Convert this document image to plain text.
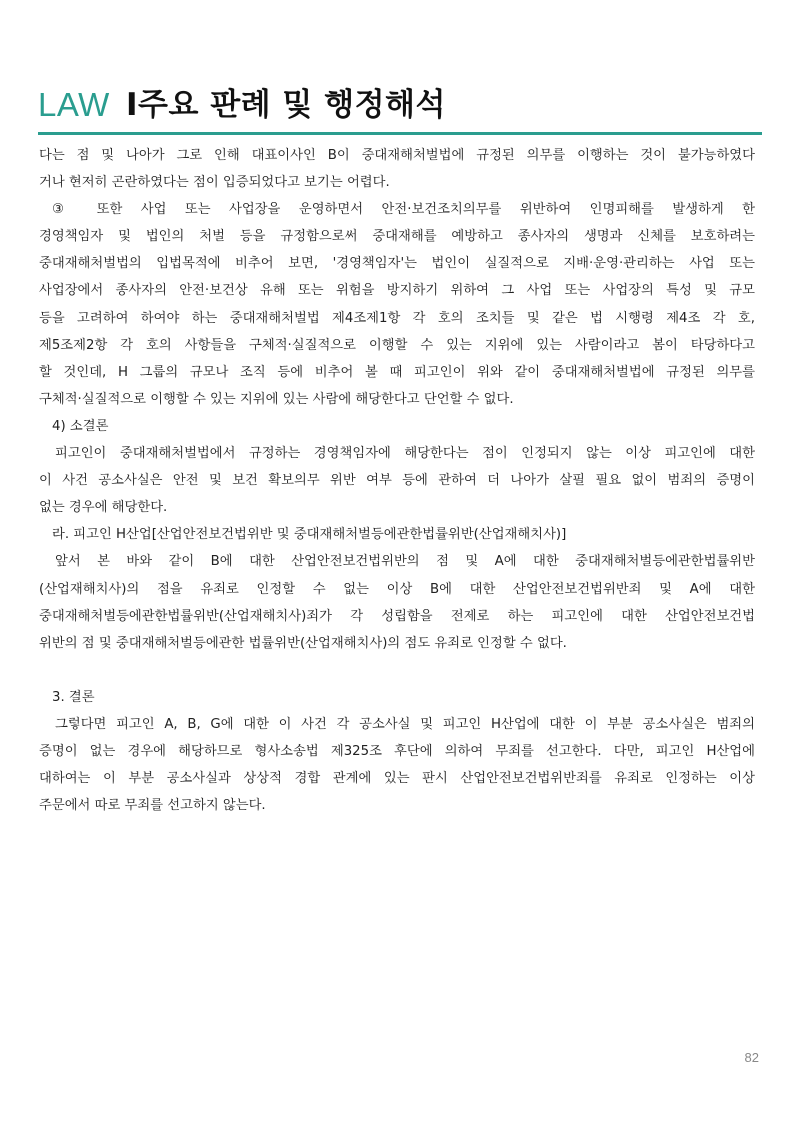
LAW Ⅰ주요 판례 및 행정해석
다는 점 및 나아가 그로 인해 대표이사인 B이 중대재해처벌법에 규정된 의무를 이행하는 것이 불가능하였다
거나 현저히 곤란하였다는 점이 입증되었다고 보기는 어렵다.
③ 또한 사업 또는 사업장을 운영하면서 안전·보건조치의무를 위반하여 인명피해를 발생하게 한
경영책임자 및 법인의 처벌 등을 규정함으로써 중대재해를 예방하고 종사자의 생명과 신체를 보호하려는
중대재해처벌법의 입법목적에 비추어 보면, '경영책임자'는 법인이 실질적으로 지배·운영·관리하는 사업 또는
사업장에서 종사자의 안전·보건상 유해 또는 위험을 방지하기 위하여 그 사업 또는 사업장의 특성 및 규모
등을 고려하여 하여야 하는 중대재해처벌법 제4조제1항 각 호의 조치들 및 같은 법 시행령 제4조 각 호,
제5조제2항 각 호의 사항들을 구체적·실질적으로 이행할 수 있는 지위에 있는 사람이라고 봄이 타당하다고
할 것인데, H 그룹의 규모나 조직 등에 비추어 볼 때 피고인이 위와 같이 중대재해처벌법에 규정된 의무를
구체적·실질적으로 이행할 수 있는 지위에 있는 사람에 해당한다고 단언할 수 없다.
4) 소결론
피고인이 중대재해처벌법에서 규정하는 경영책임자에 해당한다는 점이 인정되지 않는 이상 피고인에 대한
이 사건 공소사실은 안전 및 보건 확보의무 위반 여부 등에 관하여 더 나아가 살필 필요 없이 범죄의 증명이
없는 경우에 해당한다.
라. 피고인 H산업[산업안전보건법위반 및 중대재해처벌등에관한법률위반(산업재해치사)]
앞서 본 바와 같이 B에 대한 산업안전보건법위반의 점 및 A에 대한 중대재해처벌등에관한법률위반
(산업재해치사)의 점을 유죄로 인정할 수 없는 이상 B에 대한 산업안전보건법위반죄 및 A에 대한
중대재해처벌등에관한법률위반(산업재해치사)죄가 각 성립함을 전제로 하는 피고인에 대한 산업안전보건법
위반의 점 및 중대재해처벌등에관한 법률위반(산업재해치사)의 점도 유죄로 인정할 수 없다.
3. 결론
그렇다면 피고인 A, B, G에 대한 이 사건 각 공소사실 및 피고인 H산업에 대한 이 부분 공소사실은 범죄의
증명이 없는 경우에 해당하므로 형사소송법 제325조 후단에 의하여 무죄를 선고한다. 다만, 피고인 H산업에
대하여는 이 부분 공소사실과 상상적 경합 관계에 있는 판시 산업안전보건법위반죄를 유죄로 인정하는 이상
주문에서 따로 무죄를 선고하지 않는다.
82
